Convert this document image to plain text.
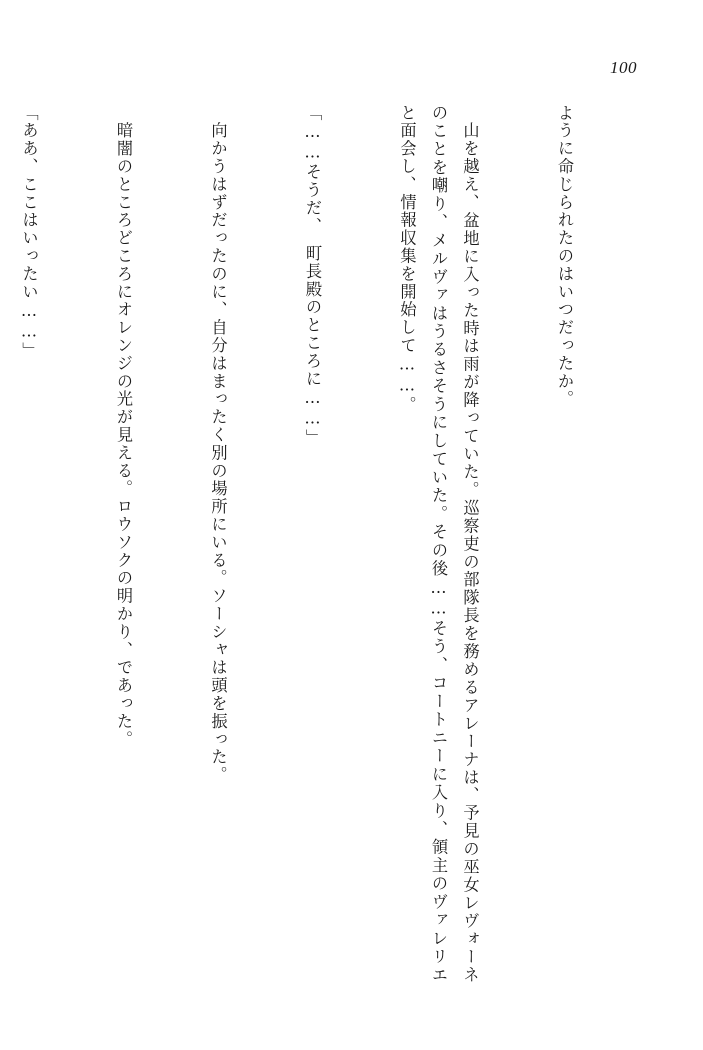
100

ように命じられたのはいつだったか。

　山を越え、盆地に入った時は雨が降っていた。巡察吏の部隊長を務めるアレーナは、予見の巫女レヴォーネのことを嘲り、メルヴァはうるさそうにしていた。その後……そう、コートニーに入り、領主のヴァレリエと面会し、情報収集を開始して……。

「……そうだ、　町長殿のところに……」

　向かうはずだったのに、自分はまったく別の場所にいる。ソーシャは頭を振った。

　暗闇のところどころにオレンジの光が見える。ロウソクの明かり、であった。

「ああ、ここはいったい……」
